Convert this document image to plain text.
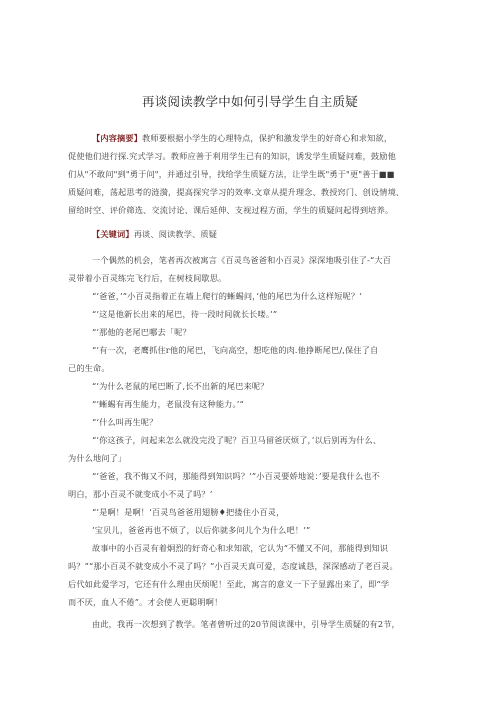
再谈阅读教学中如何引导学生自主质疑
【内容摘要】教师要根据小学生的心理特点，保护和激发学生的好奇心和求知欲，
促使他们进行探.究式学习。教师应善于利用学生已有的知识，诱发学生质疑问难，鼓励他
们从"不敢问"到"勇于问"，并通过引导，找给学生质疑方法，让学生既"勇于"更"善于■■
质疑问难，荡起思考的涟漪，提高探究学习的效率.文章从提升理念、教授窍门、创设情境、
留给时空、评价筛选、交流讨论、课后延伸、支视过程方面，学生的质疑问起得到培养。
【关键词】再谈、阅读教学、质疑
一个偶然的机会，笔者再次被寓言《百灵鸟爸爸和小百灵》深深地吸引住了-“大百
灵带着小百灵练完飞行后，在树枝间歇思。
“‘爸爸，’”小百灵指着正在墙上爬行的蜥蜴问，’他的尾巴为什么这样短呢？’
“’这是他新长出来的尾巴，待一段时间就长长喽。’”
“’那他的老尾巴哪去「呢？
“’有一次，老鹰抓住r他的尾巴，飞向高空，想吃他的肉.他挣断尾巴/,保住了自
己的生命。
“’为什么老鼠的尾巴断了,长不出新的尾巴来呢？
“’蜥蜴有再生能力，老鼠没有这种能力。’“
“‘什么叫再生呢？
“’你这孩子，问起来怎么就没完没了呢？百卫马留爸厌烦了，’以后别再为什么、
为什么地问了」
“’爸爸，我不悔又不问，那能得到知识吗？’”小百灵要娇地说：’要是我什么也不
明白，那小百灵不就变成小不灵了吗？’
“’是啊！是啊！‘百灵鸟爸爸用翅膀♦把搂住小百灵，
’宝贝儿，爸爸再也不烦了，以后你就多问儿个为什么吧！’”
故事中的小百灵有着炯烈的好奇心和求知欲，它认为“不懂又不问，那能得到知识
吗？”“那小百灵不就变成小不灵了吗？”小百灵天真可爱，态度诚恳，深深感动了老百灵。
后代如此爱学习，它还有什么理由厌烦呢！至此，寓言的意义一下子显露出来了，即“学
而不厌，血人不倦”。才会使人更聪明啊！
由此，我再一次想到了教学。笔者曾听过的20节阅读课中，引导学生质疑的有2节，
